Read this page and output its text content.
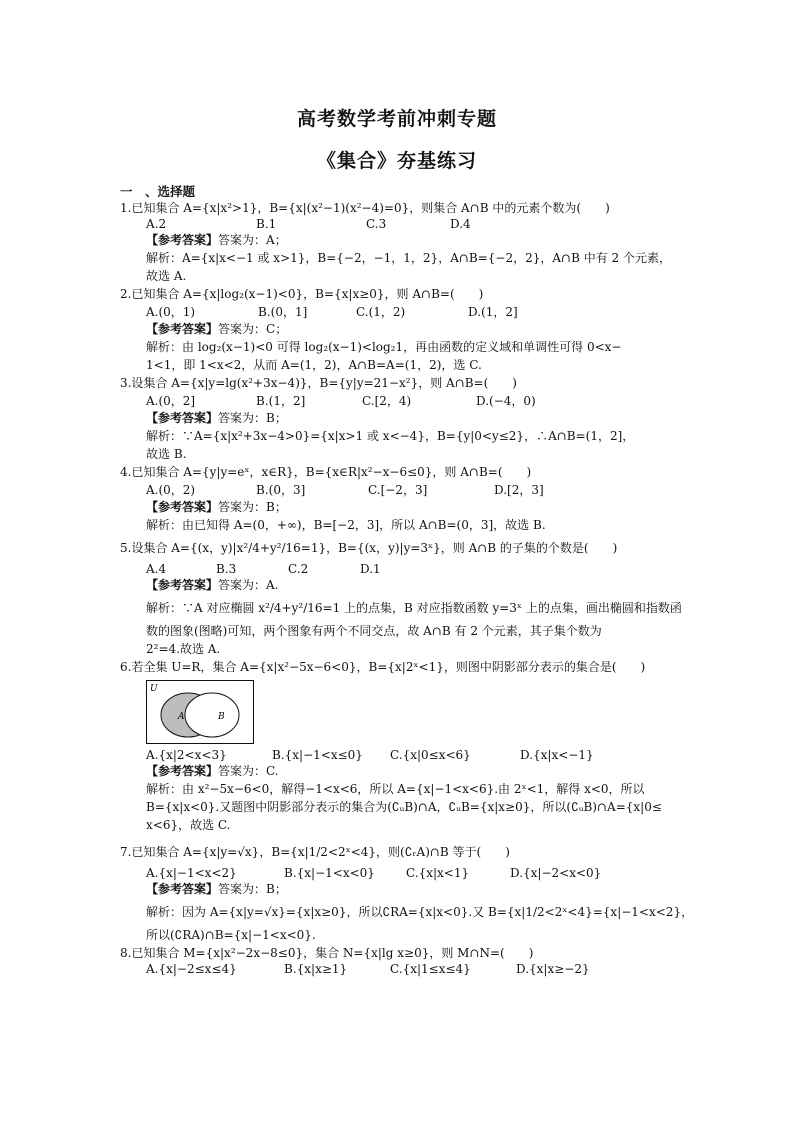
高考数学考前冲刺专题
《集合》夯基练习
一　、选择题
1.已知集合 A={x|x²>1}，B={x|(x²−1)(x²−4)=0}，则集合 A∩B 中的元素个数为(　　)
A.2	B.1	C.3	D.4
【参考答案】答案为：A；
解析：A={x|x<−1 或 x>1}，B={−2，−1，1，2}，A∩B={−2，2}，A∩B 中有 2 个元素，
故选 A.
2.已知集合 A={x|log₂(x−1)<0}，B={x|x≥0}，则 A∩B=(　　)
A.(0，1)	B.(0，1]	C.(1，2)	D.(1，2]
【参考答案】答案为：C；
解析：由 log₂(x−1)<0 可得 log₂(x−1)<log₂1，再由函数的定义域和单调性可得 0<x−
1<1，即 1<x<2，从而 A=(1，2)，A∩B=A=(1，2)，选 C.
3.设集合 A={x|y=lg(x²+3x−4)}，B={y|y=21−x²}，则 A∩B=(　　)
A.(0，2]	B.(1，2]	C.[2，4)	D.(−4，0)
【参考答案】答案为：B；
解析：∵A={x|x²+3x−4>0}={x|x>1 或 x<−4}，B={y|0<y≤2}，∴A∩B=(1，2]，
故选 B.
4.已知集合 A={y|y=eˣ，x∈R}，B={x∈R|x²−x−6≤0}，则 A∩B=(　　)
A.(0，2)	B.(0，3]	C.[−2，3]	D.[2，3]
【参考答案】答案为：B；
解析：由已知得 A=(0，+∞)，B=[−2，3]，所以 A∩B=(0，3]，故选 B.
5.设集合 A={(x，y)|x²/4+y²/16=1}，B={(x，y)|y=3ˣ}，则 A∩B 的子集的个数是(　　)
A.4	B.3	C.2	D.1
【参考答案】答案为：A.
解析：∵A 对应椭圆 x²/4+y²/16=1 上的点集，B 对应指数函数 y=3ˣ 上的点集，画出椭圆和指数函
数的图象(图略)可知，两个图象有两个不同交点，故 A∩B 有 2 个元素，其子集个数为
2²=4.故选 A.
6.若全集 U=R，集合 A={x|x²−5x−6<0}，B={x|2ˣ<1}，则图中阴影部分表示的集合是(　　)
U
A	B
A.{x|2<x<3}	B.{x|−1<x≤0}	C.{x|0≤x<6}	D.{x|x<−1}
【参考答案】答案为：C.
解析：由 x²−5x−6<0，解得−1<x<6，所以 A={x|−1<x<6}.由 2ˣ<1，解得 x<0，所以
B={x|x<0}.又题图中阴影部分表示的集合为(∁ᵤB)∩A，∁ᵤB={x|x≥0}，所以(∁ᵤB)∩A={x|0≤
x<6}，故选 C.
7.已知集合 A={x|y=√x}，B={x|1/2<2ˣ<4}，则(∁ᵣA)∩B 等于(　　)
A.{x|−1<x<2}	B.{x|−1<x<0}	C.{x|x<1}	D.{x|−2<x<0}
【参考答案】答案为：B；
解析：因为 A={x|y=√x}={x|x≥0}，所以∁RA={x|x<0}.又 B={x|1/2<2ˣ<4}={x|−1<x<2}，
所以(∁RA)∩B={x|−1<x<0}.
8.已知集合 M={x|x²−2x−8≤0}，集合 N={x|lg x≥0}，则 M∩N=(　　)
A.{x|−2≤x≤4}	B.{x|x≥1}	C.{x|1≤x≤4}	D.{x|x≥−2}
